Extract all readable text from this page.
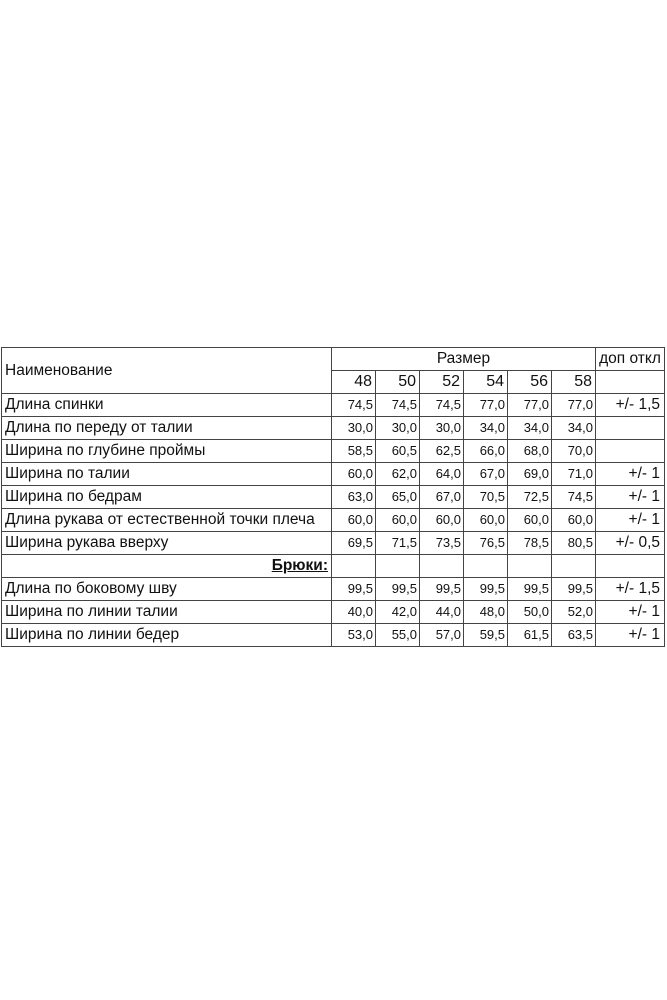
Наименование	Размер						доп откл
	48	50	52	54	56	58	
Длина спинки	74,5	74,5	74,5	77,0	77,0	77,0	+/- 1,5
Длина по переду от талии	30,0	30,0	30,0	34,0	34,0	34,0	
Ширина по глубине проймы	58,5	60,5	62,5	66,0	68,0	70,0	
Ширина по талии	60,0	62,0	64,0	67,0	69,0	71,0	+/- 1
Ширина по бедрам	63,0	65,0	67,0	70,5	72,5	74,5	+/- 1
Длина рукава от естественной точки плеча	60,0	60,0	60,0	60,0	60,0	60,0	+/- 1
Ширина рукава вверху	69,5	71,5	73,5	76,5	78,5	80,5	+/- 0,5
Брюки:							
Длина по боковому шву	99,5	99,5	99,5	99,5	99,5	99,5	+/- 1,5
Ширина по линии талии	40,0	42,0	44,0	48,0	50,0	52,0	+/- 1
Ширина по линии бедер	53,0	55,0	57,0	59,5	61,5	63,5	+/- 1
